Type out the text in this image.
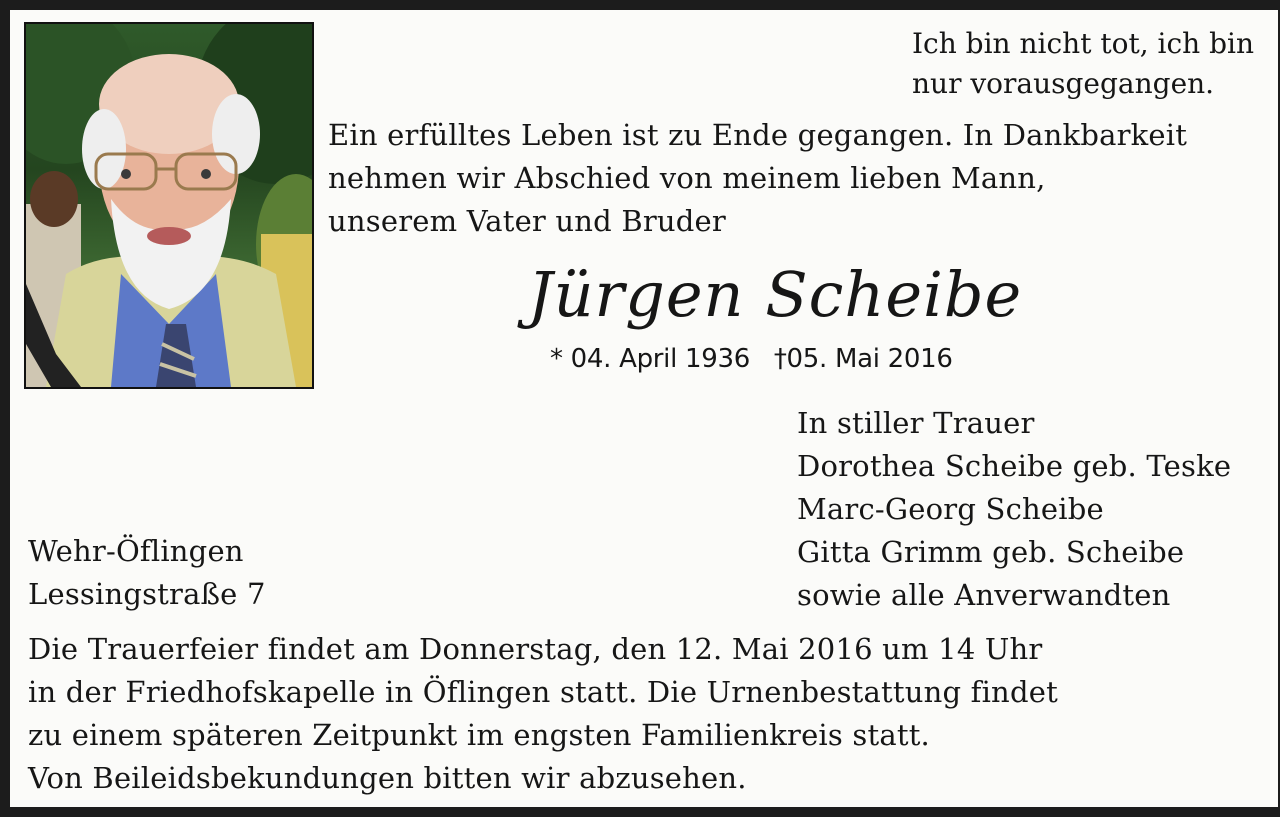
Ich bin nicht tot, ich bin
nur vorausgegangen.
Ein erfülltes Leben ist zu Ende gegangen. In Dankbarkeit
nehmen wir Abschied von meinem lieben Mann,
unserem Vater und Bruder
Jürgen Scheibe
* 04. April 1936 †05. Mai 2016
In stiller Trauer
Dorothea Scheibe geb. Teske
Marc-Georg Scheibe
Gitta Grimm geb. Scheibe
sowie alle Anverwandten
Wehr-Öflingen
Lessingstraße 7
Die Trauerfeier findet am Donnerstag, den 12. Mai 2016 um 14 Uhr
in der Friedhofskapelle in Öflingen statt. Die Urnenbestattung findet
zu einem späteren Zeitpunkt im engsten Familienkreis statt.
Von Beileidsbekundungen bitten wir abzusehen.
